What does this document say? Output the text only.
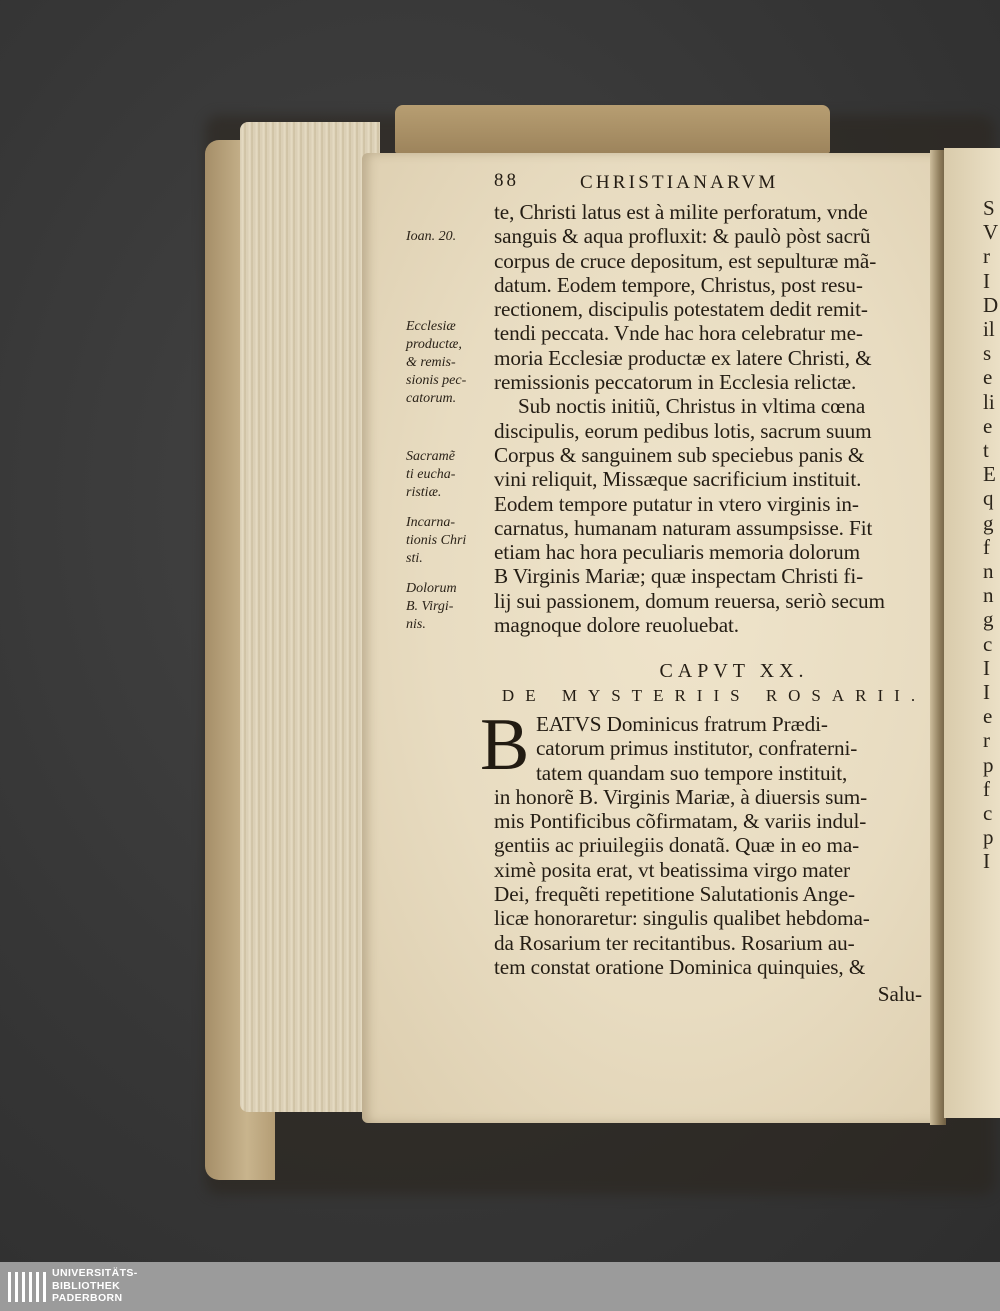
S
V
r
I
D
il
s
e
li
e
t
E
q
g
f
n
n
g
c
I
I
e
r
p
f
c
p
I
88	CHRISTIANARVM
te, Christi latus est à milite perforatum, vnde
sanguis & aqua profluxit: & paulò pòst sacrũ
corpus de cruce depositum, est sepulturæ mã-
datum. Eodem tempore, Christus, post resu-
rectionem, discipulis potestatem dedit remit-
tendi peccata. Vnde hac hora celebratur me-
moria Ecclesiæ productæ ex latere Christi, &
remissionis peccatorum in Ecclesia relictæ.
Sub noctis initiũ, Christus in vltima cœna
discipulis, eorum pedibus lotis, sacrum suum
Corpus & sanguinem sub speciebus panis &
vini reliquit, Missæque sacrificium instituit.
Eodem tempore putatur in vtero virginis in-
carnatus, humanam naturam assumpsisse. Fit
etiam hac hora peculiaris memoria dolorum
B Virginis Mariæ; quæ inspectam Christi fi-
lij sui passionem, domum reuersa, seriò secum
magnoque dolore reuoluebat.
Ioan. 20.
Ecclesiæ
productæ,
& remis-
sionis pec-
catorum.
Sacramẽ
ti eucha-
ristiæ.
Incarna-
tionis Chri
sti.
Dolorum
B. Virgi-
nis.
CAPVT XX.
DE MYSTERIIS ROSARII.
B EATVS Dominicus fratrum Prædi-
catorum primus institutor, confraterni-
tatem quandam suo tempore instituit,
in honorẽ B. Virginis Mariæ, à diuersis sum-
mis Pontificibus cõfirmatam, & variis indul-
gentiis ac priuilegiis donatã. Quæ in eo ma-
ximè posita erat, vt beatissima virgo mater
Dei, frequẽti repetitione Salutationis Ange-
licæ honoraretur: singulis qualibet hebdoma-
da Rosarium ter recitantibus. Rosarium au-
tem constat oratione Dominica quinquies, &
Salu-
UNIVERSITÄTS-
BIBLIOTHEK
PADERBORN
